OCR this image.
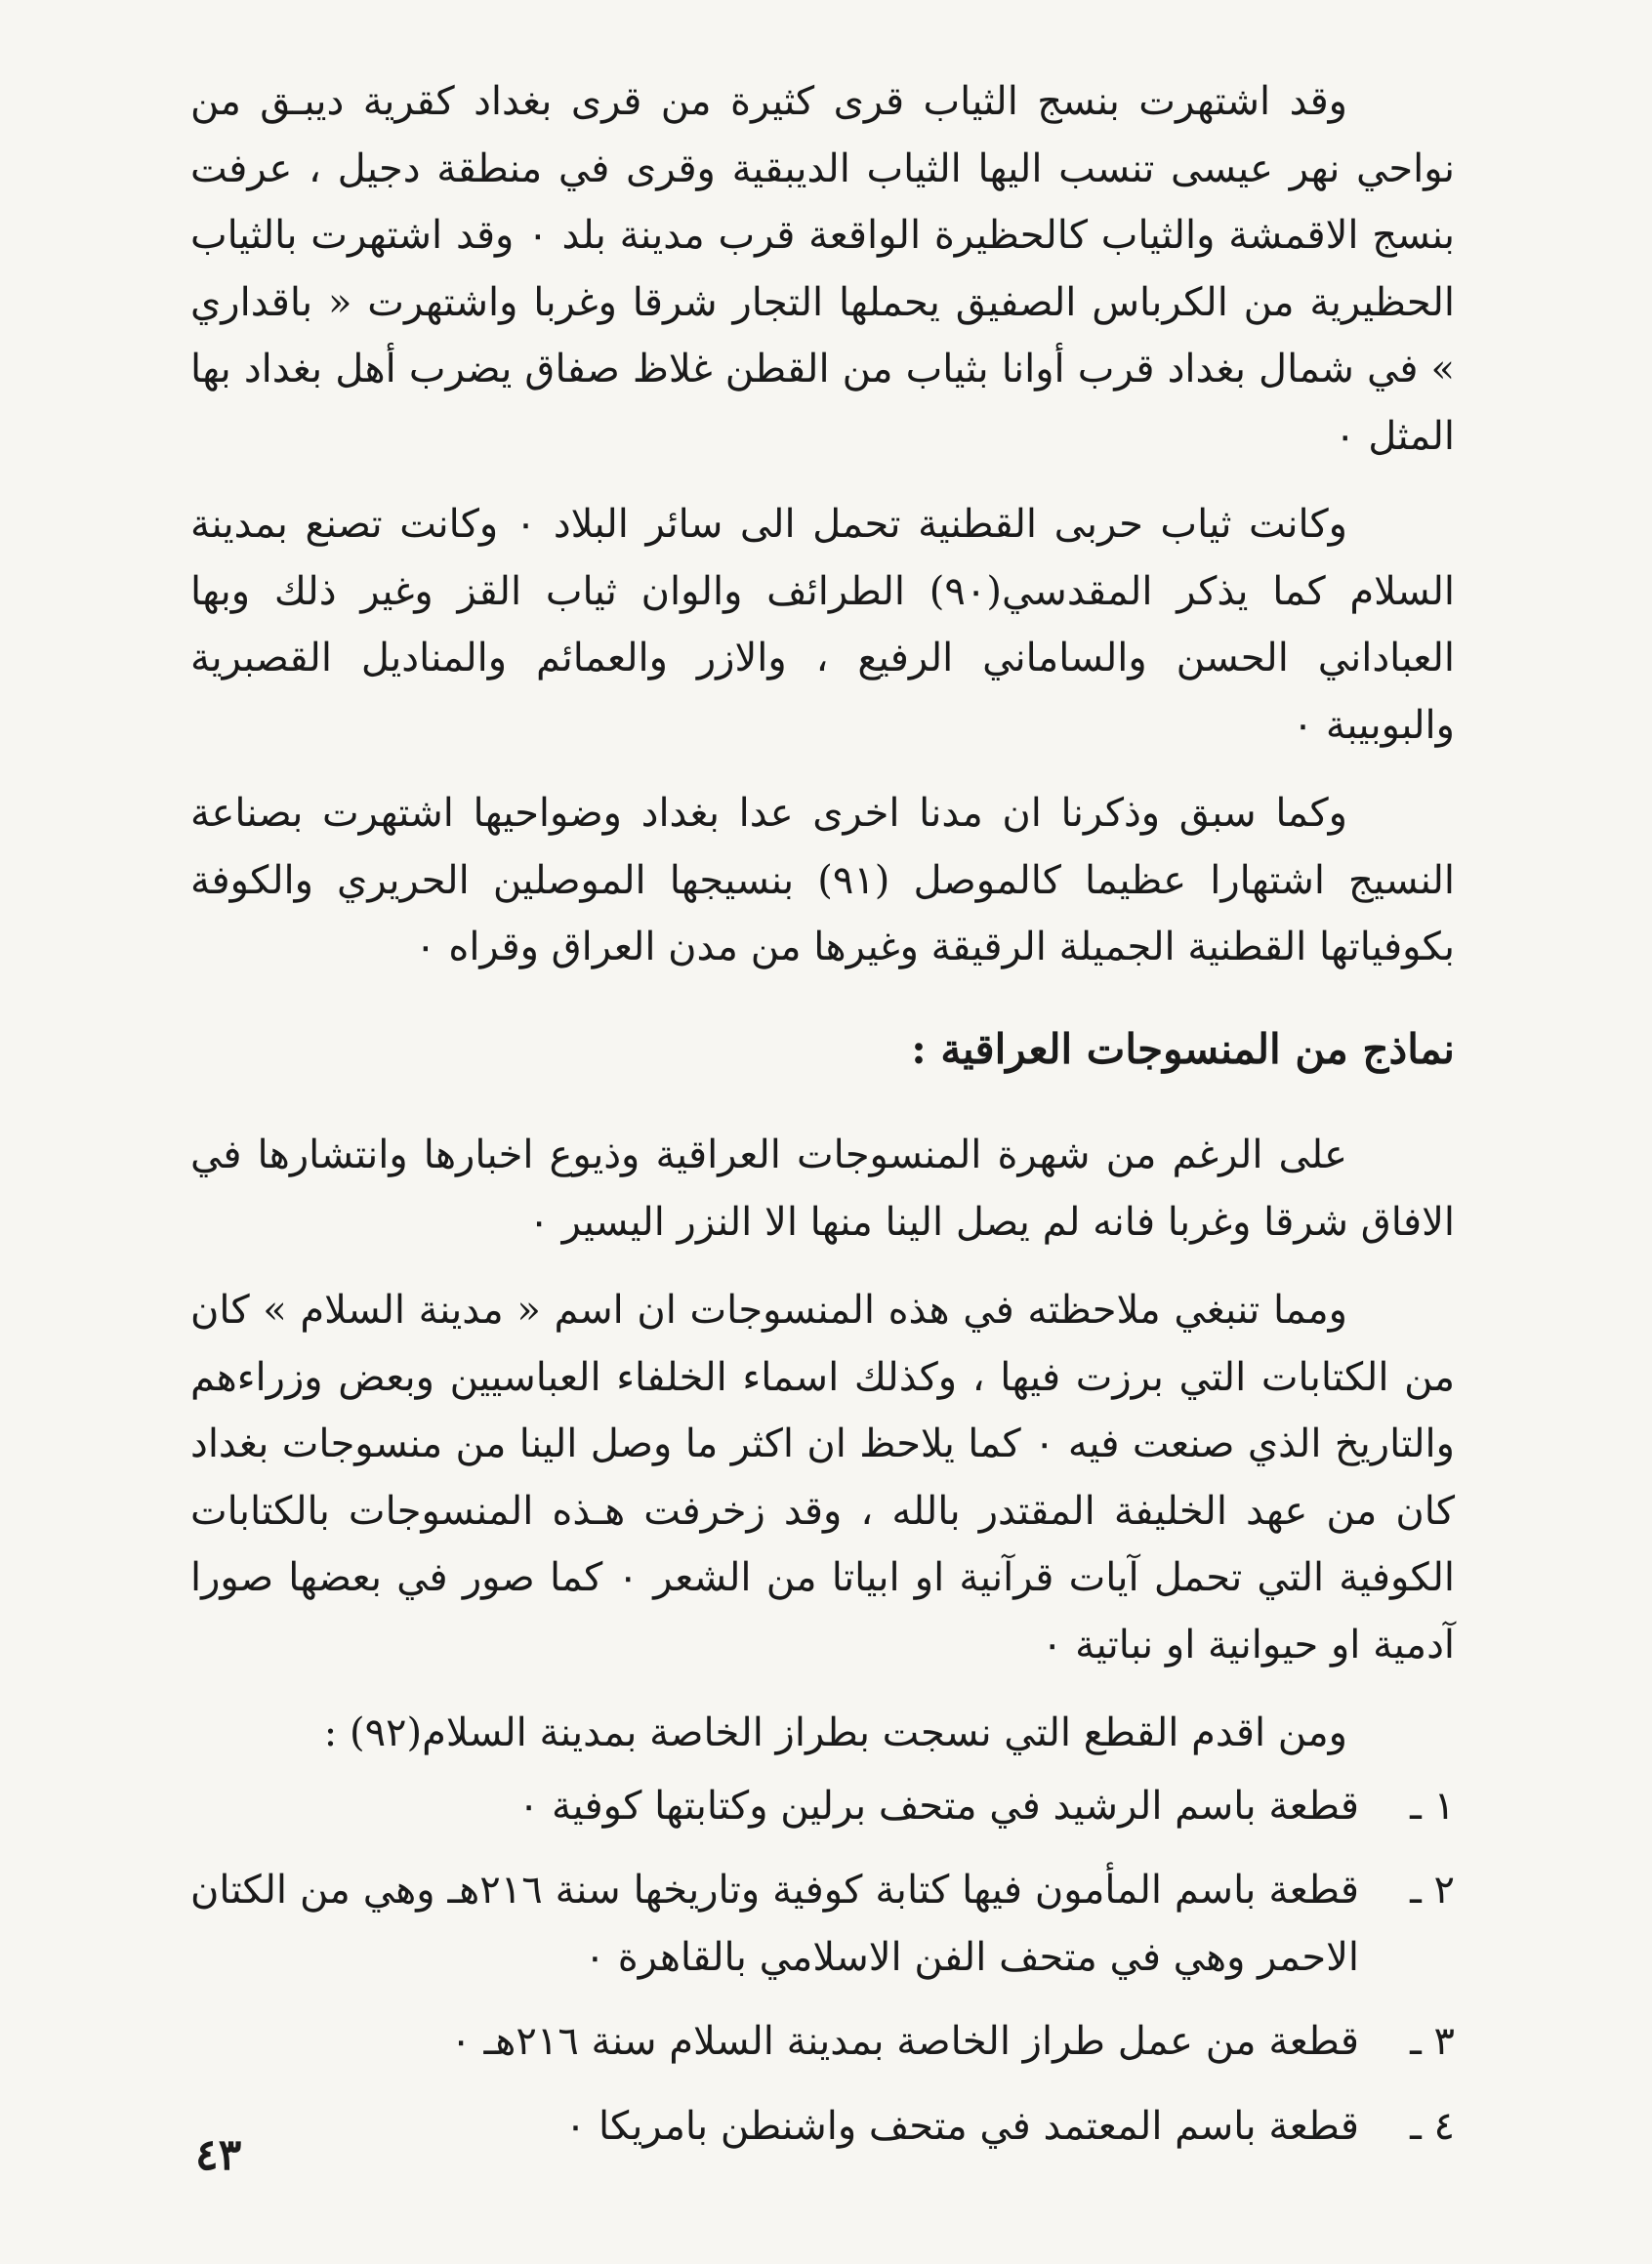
وقد اشتهرت بنسج الثياب قرى كثيرة من قرى بغداد كقرية ديبـق من نواحي نهر عيسى تنسب اليها الثياب الديبقية وقرى في منطقة دجيل ، عرفت بنسج الاقمشة والثياب كالحظيرة الواقعة قرب مدينة بلد ٠ وقد اشتهرت بالثياب الحظيرية من الكرباس الصفيق يحملها التجار شرقا وغربا واشتهرت « باقداري » في شمال بغداد قرب أوانا بثياب من القطن غلاظ صفاق يضرب أهل بغداد بها المثل ٠

وكانت ثياب حربى القطنية تحمل الى سائر البلاد ٠ وكانت تصنع بمدينة السلام كما يذكر المقدسي(٩٠) الطرائف والوان ثياب القز وغير ذلك وبها العباداني الحسن والساماني الرفيع ، والازر والعمائم والمناديل القصبرية والبوبيبة ٠

وكما سبق وذكرنا ان مدنا اخرى عدا بغداد وضواحيها اشتهرت بصناعة النسيج اشتهارا عظيما كالموصل (٩١) بنسيجها الموصلين الحريري والكوفة بكوفياتها القطنية الجميلة الرقيقة وغيرها من مدن العراق وقراه ٠

نماذج من المنسوجات العراقية :

على الرغم من شهرة المنسوجات العراقية وذيوع اخبارها وانتشارها في الافاق شرقا وغربا فانه لم يصل الينا منها الا النزر اليسير ٠

ومما تنبغي ملاحظته في هذه المنسوجات ان اسم « مدينة السلام » كان من الكتابات التي برزت فيها ، وكذلك اسماء الخلفاء العباسيين وبعض وزراءهم والتاريخ الذي صنعت فيه ٠ كما يلاحظ ان اكثر ما وصل الينا من منسوجات بغداد كان من عهد الخليفة المقتدر بالله ، وقد زخرفت هـذه المنسوجات بالكتابات الكوفية التي تحمل آيات قرآنية او ابياتا من الشعر ٠ كما صور في بعضها صورا آدمية او حيوانية او نباتية ٠

ومن اقدم القطع التي نسجت بطراز الخاصة بمدينة السلام(٩٢) :

١ ـ
قطعة باسم الرشيد في متحف برلين وكتابتها كوفية ٠
٢ ـ
قطعة باسم المأمون فيها كتابة كوفية وتاريخها سنة ٢١٦هـ وهي من الكتان الاحمر وهي في متحف الفن الاسلامي بالقاهرة ٠
٣ ـ
قطعة من عمل طراز الخاصة بمدينة السلام سنة ٢١٦هـ ٠
٤ ـ
قطعة باسم المعتمد في متحف واشنطن بامريكا ٠
٤٣
